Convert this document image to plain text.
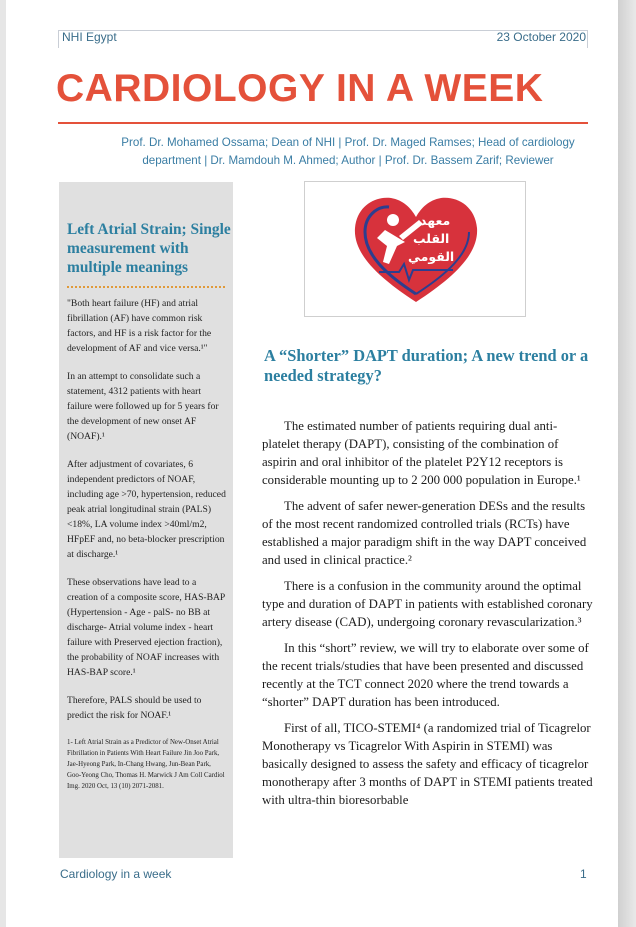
NHI Egypt	23 October 2020
CARDIOLOGY IN A WEEK
Prof. Dr. Mohamed Ossama; Dean of NHI | Prof. Dr. Maged Ramses; Head of cardiology department | Dr. Mamdouh M. Ahmed; Author | Prof. Dr. Bassem Zarif; Reviewer
Left Atrial Strain; Single measurement with multiple meanings

"Both heart failure (HF) and atrial fibrillation (AF) have common risk factors, and HF is a risk factor for the development of AF and vice versa.¹"

In an attempt to consolidate such a statement, 4312 patients with heart failure were followed up for 5 years for the development of new onset AF (NOAF).¹

After adjustment of covariates, 6 independent predictors of NOAF, including age >70, hypertension, reduced peak atrial longitudinal strain (PALS) <18%, LA volume index >40ml/m2, HFpEF and, no beta-blocker prescription at discharge.¹

These observations have lead to a creation of a composite score, HAS-BAP (Hypertension - Age - palS- no BB at discharge- Atrial volume index - heart failure with Preserved ejection fraction), the probability of NOAF increases with HAS-BAP score.¹

Therefore, PALS should be used to predict the risk for NOAF.¹

1- Left Atrial Strain as a Predictor of New-Onset Atrial Fibrillation in Patients With Heart Failure Jin Joo Park, Jae-Hyeong Park, In-Chang Hwang, Jun-Bean Park, Goo-Yeong Cho, Thomas H. Marwick J Am Coll Cardiol Img. 2020 Oct, 13 (10) 2071-2081.

معهد
القلب
القومي
A “Shorter” DAPT duration; A new trend or a needed strategy?

The estimated number of patients requiring dual anti-platelet therapy (DAPT), consisting of the combination of aspirin and oral inhibitor of the platelet P2Y12 receptors is considerable mounting up to 2 200 000 population in Europe.¹

The advent of safer newer-generation DESs and the results of the most recent randomized controlled trials (RCTs) have established a major paradigm shift in the way DAPT conceived and used in clinical practice.²

There is a confusion in the community around the optimal type and duration of DAPT in patients with established coronary artery disease (CAD), undergoing coronary revascularization.³

In this “short” review, we will try to elaborate over some of the recent trials/studies that have been presented and discussed recently at the TCT connect 2020 where the trend towards a “shorter” DAPT duration has been introduced.

First of all, TICO-STEMI⁴ (a randomized trial of Ticagrelor Monotherapy vs Ticagrelor With Aspirin in STEMI) was basically designed to assess the safety and efficacy of ticagrelor monotherapy after 3 months of DAPT in STEMI patients treated with ultra-thin bioresorbable

Cardiology in a week	1
